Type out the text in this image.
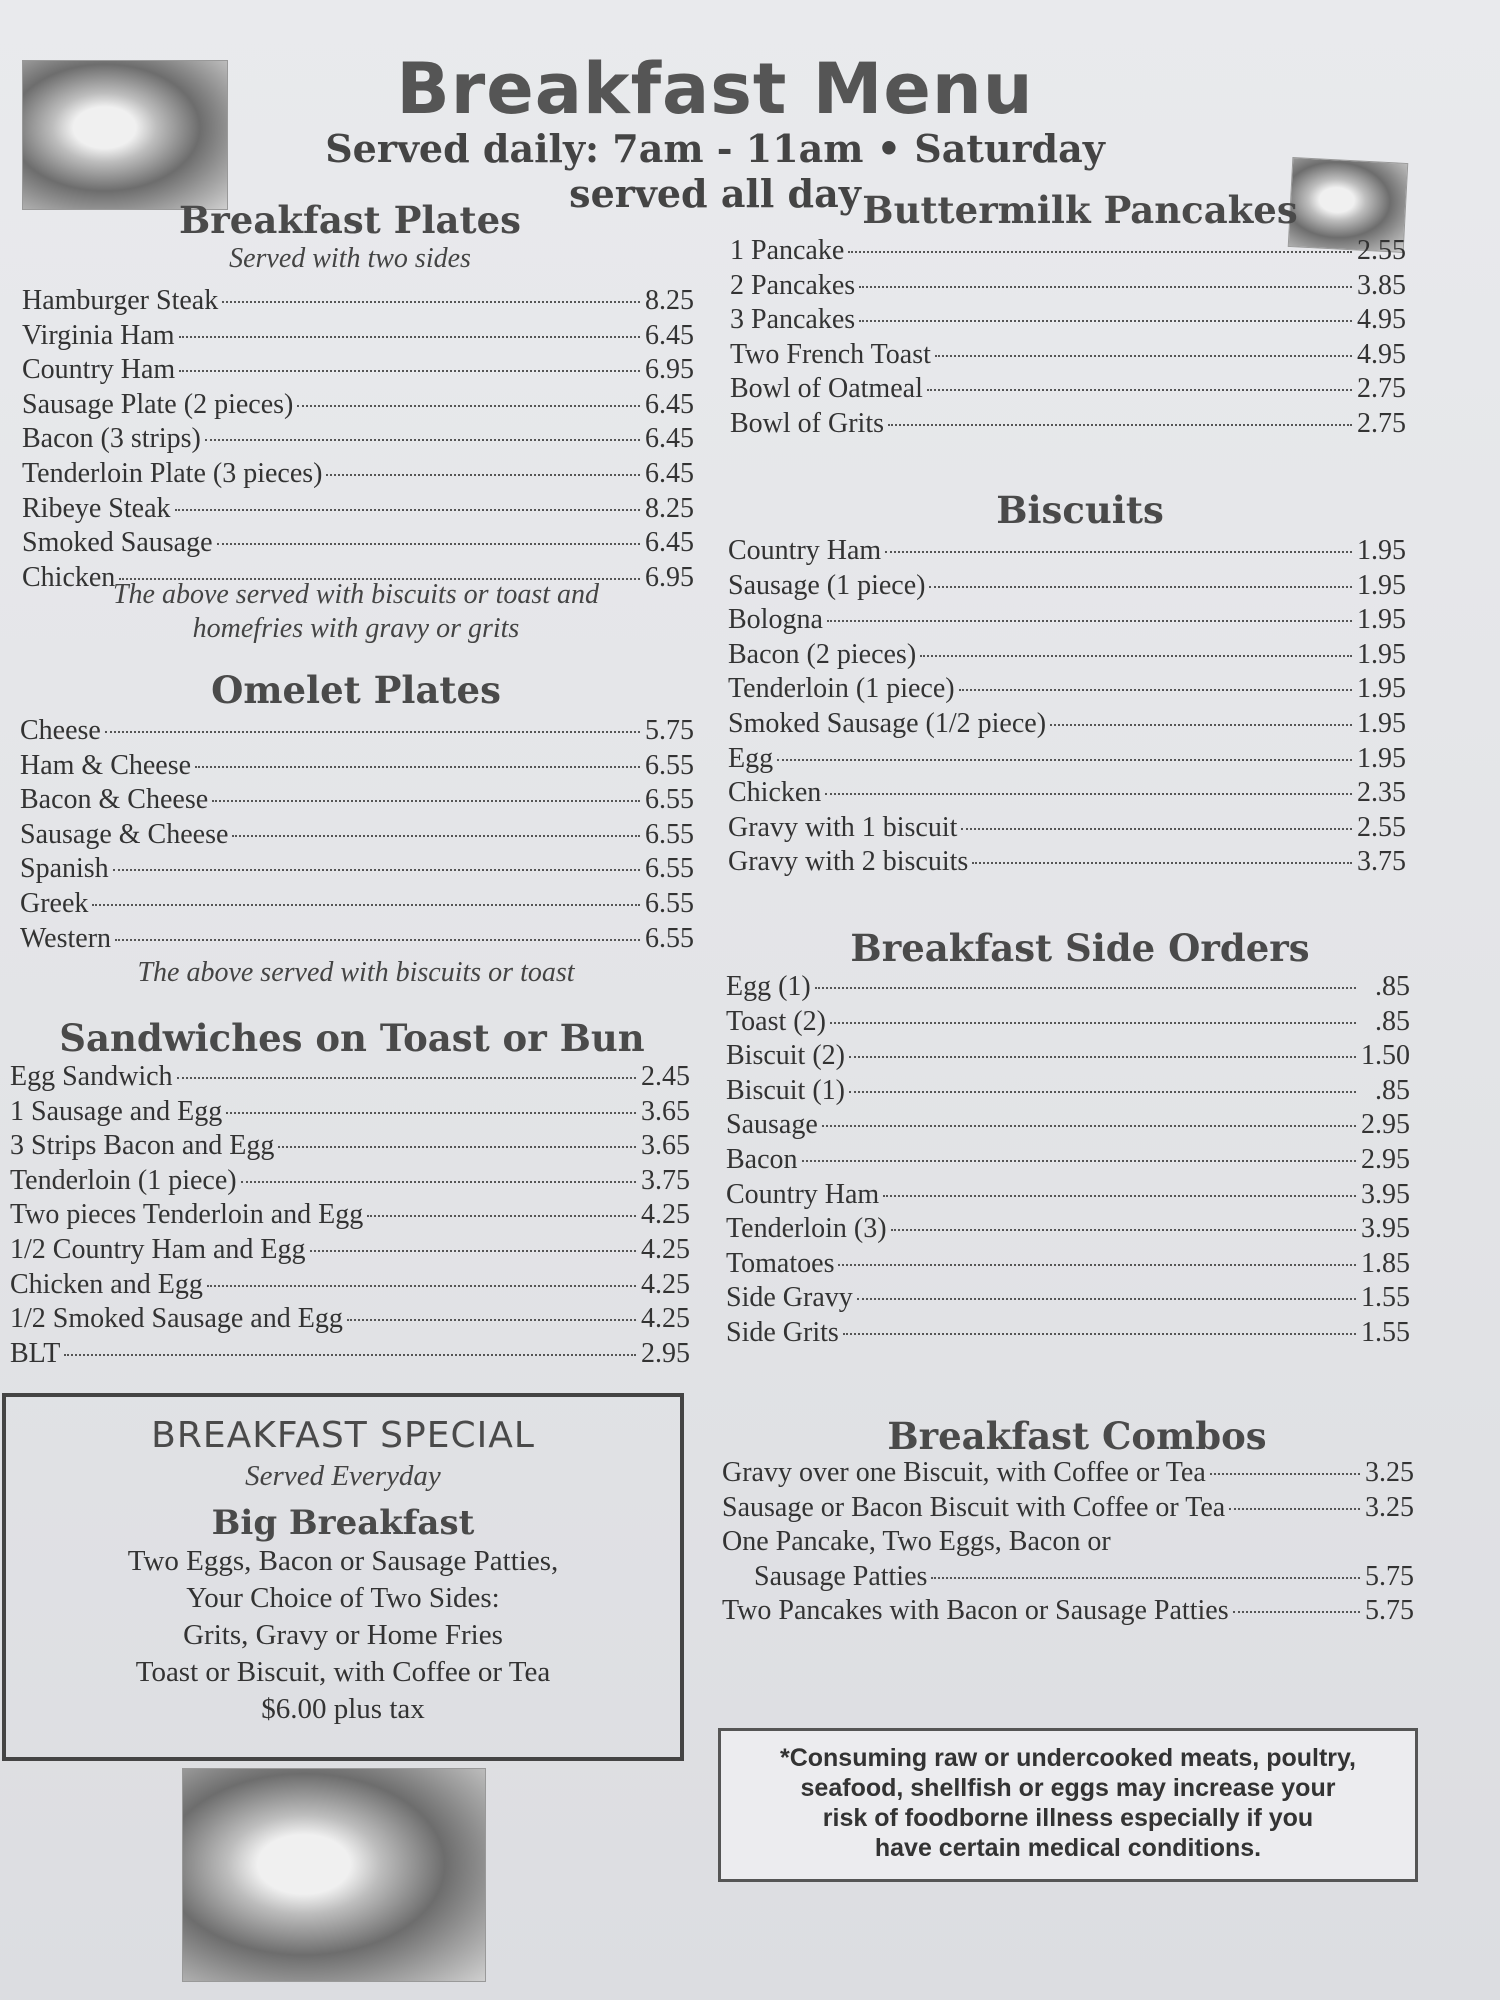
Breakfast Menu
Served daily: 7am - 11am • Saturday served all day
Breakfast Plates
Served with two sides
Hamburger Steak	8.25
Virginia Ham	6.45
Country Ham	6.95
Sausage Plate (2 pieces)	6.45
Bacon (3 strips)	6.45
Tenderloin Plate (3 pieces)	6.45
Ribeye Steak	8.25
Smoked Sausage	6.45
Chicken	6.95
The above served with biscuits or toast and
homefries with gravy or grits
Omelet Plates
Cheese	5.75
Ham & Cheese	6.55
Bacon & Cheese	6.55
Sausage & Cheese	6.55
Spanish	6.55
Greek	6.55
Western	6.55
The above served with biscuits or toast
Sandwiches on Toast or Bun
Egg Sandwich	2.45
1 Sausage and Egg	3.65
3 Strips Bacon and Egg	3.65
Tenderloin (1 piece)	3.75
Two pieces Tenderloin and Egg	4.25
1/2 Country Ham and Egg	4.25
Chicken and Egg	4.25
1/2 Smoked Sausage and Egg	4.25
BLT	2.95
BREAKFAST SPECIAL
Served Everyday
Big Breakfast
Two Eggs, Bacon or Sausage Patties,
Your Choice of Two Sides:
Grits, Gravy or Home Fries
Toast or Biscuit, with Coffee or Tea
$6.00 plus tax
Buttermilk Pancakes
1 Pancake	2.55
2 Pancakes	3.85
3 Pancakes	4.95
Two French Toast	4.95
Bowl of Oatmeal	2.75
Bowl of Grits	2.75
Biscuits
Country Ham	1.95
Sausage (1 piece)	1.95
Bologna	1.95
Bacon (2 pieces)	1.95
Tenderloin (1 piece)	1.95
Smoked Sausage (1/2 piece)	1.95
Egg	1.95
Chicken	2.35
Gravy with 1 biscuit	2.55
Gravy with 2 biscuits	3.75
Breakfast Side Orders
Egg (1)	.85
Toast (2)	.85
Biscuit (2)	1.50
Biscuit (1)	.85
Sausage	2.95
Bacon	2.95
Country Ham	3.95
Tenderloin (3)	3.95
Tomatoes	1.85
Side Gravy	1.55
Side Grits	1.55
Breakfast Combos
Gravy over one Biscuit, with Coffee or Tea	3.25
Sausage or Bacon Biscuit with Coffee or Tea	3.25
One Pancake, Two Eggs, Bacon or
Sausage Patties	5.75
Two Pancakes with Bacon or Sausage Patties	5.75
*Consuming raw or undercooked meats, poultry,
seafood, shellfish or eggs may increase your
risk of foodborne illness especially if you
have certain medical conditions.
